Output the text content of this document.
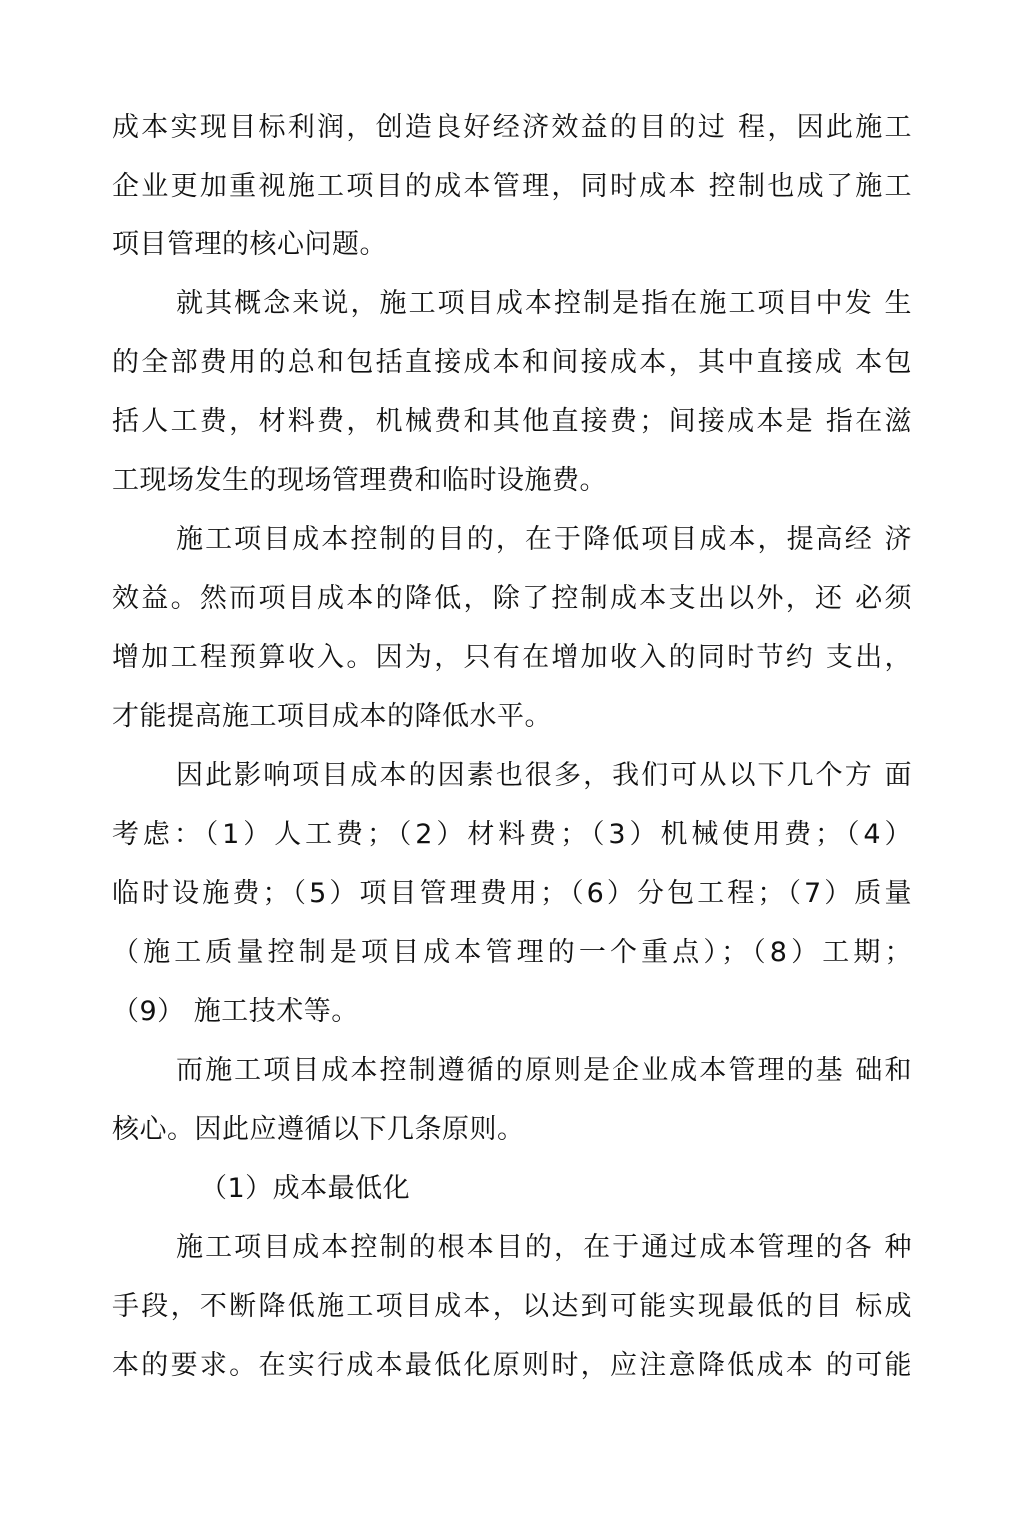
成本实现目标利润，创造良好经济效益的目的过 程，因此施工
企业更加重视施工项目的成本管理，同时成本 控制也成了施工
项目管理的核心问题。
就其概念来说，施工项目成本控制是指在施工项目中发 生
的全部费用的总和包括直接成本和间接成本，其中直接成 本包
括人工费，材料费，机械费和其他直接费；间接成本是 指在滋
工现场发生的现场管理费和临时设施费。
施工项目成本控制的目的，在于降低项目成本，提高经 济
效益。然而项目成本的降低，除了控制成本支出以外，还 必须
增加工程预算收入。因为，只有在增加收入的同时节约 支出，
才能提高施工项目成本的降低水平。
因此影响项目成本的因素也很多，我们可从以下几个方 面
考虑：（1）人工费；（2）材料费；（3）机械使用费；（4）
临时设施费；（5）项目管理费用；（6）分包工程；（7）质量
（施工质量控制是项目成本管理的一个重点）；（8）工期；
（9） 施工技术等。
而施工项目成本控制遵循的原则是企业成本管理的基 础和
核心。因此应遵循以下几条原则。
（1）成本最低化
施工项目成本控制的根本目的，在于通过成本管理的各 种
手段，不断降低施工项目成本，以达到可能实现最低的目 标成
本的要求。在实行成本最低化原则时，应注意降低成本 的可能
